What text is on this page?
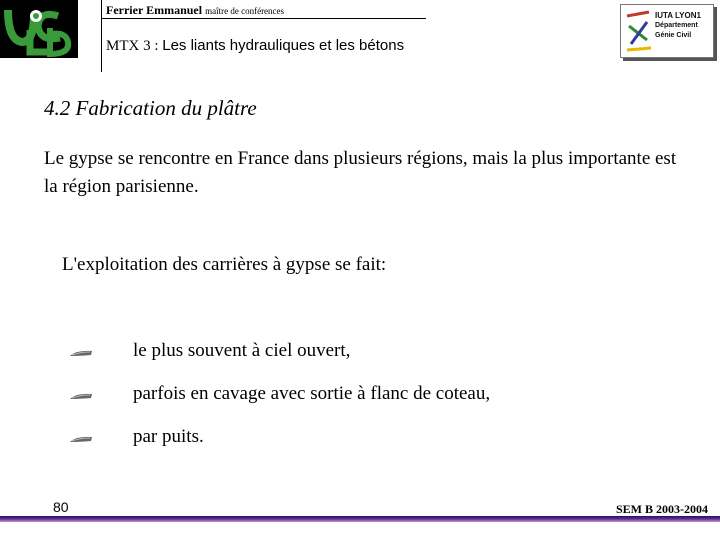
Ferrier Emmanuel maître de conférences
MTX 3 : Les liants hydrauliques et les bétons
IUTA LYON1
Département
Génie Civil
4.2 Fabrication du plâtre
Le gypse se rencontre en France dans plusieurs régions, mais la plus importante est la région parisienne.
L'exploitation des carrières à gypse se fait:
le plus souvent à ciel ouvert,
parfois en cavage avec sortie à flanc de coteau,
par puits.
80	SEM B 2003-2004
